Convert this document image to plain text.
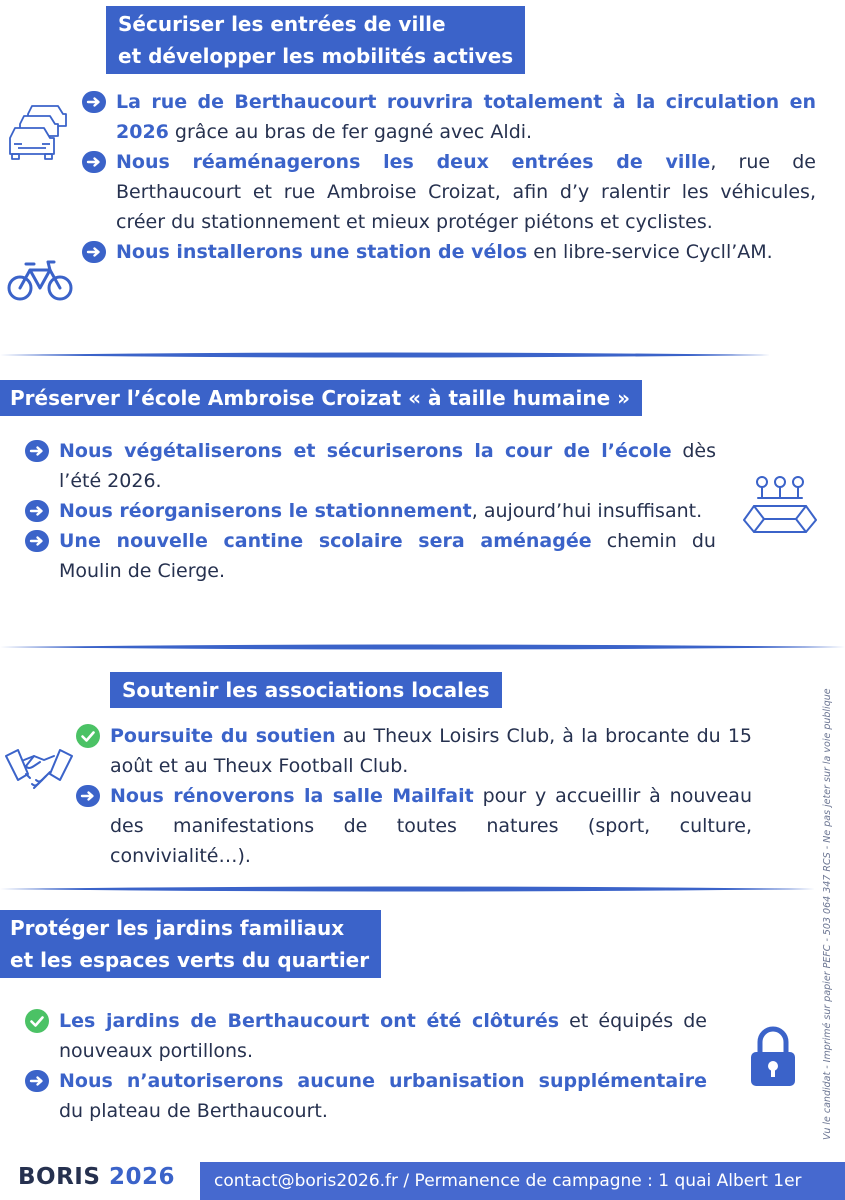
Sécuriser les entrées de ville
et développer les mobilités actives

La rue de Berthaucourt rouvrira totalement à la circulation en 2026 grâce au bras de fer gagné avec Aldi.

Nous réaménagerons les deux entrées de ville, rue de Berthaucourt et rue Ambroise Croizat, afin d’y ralentir les véhicules, créer du stationnement et mieux protéger piétons et cyclistes.

Nous installerons une station de vélos en libre-service Cycll’AM.

Préserver l’école Ambroise Croizat « à taille humaine »

Nous végétaliserons et sécuriserons la cour de l’école dès l’été 2026.

Nous réorganiserons le stationnement, aujourd’hui insuffisant.

Une nouvelle cantine scolaire sera aménagée chemin du Moulin de Cierge.

Soutenir les associations locales

Poursuite du soutien au Theux Loisirs Club, à la brocante du 15 août et au Theux Football Club.

Nous rénoverons la salle Mailfait pour y accueillir à nouveau des manifestations de toutes natures (sport, culture, convivialité…).

Protéger les jardins familiaux
et les espaces verts du quartier

Les jardins de Berthaucourt ont été clôturés et équipés de nouveaux portillons.

Nous n’autoriserons aucune urbanisation supplémentaire du plateau de Berthaucourt.	Vu le candidat - Imprimé sur papier PEFC - 503 064 347 RCS - Ne pas jeter sur la voie publique
BORIS 2026	contact@boris2026.fr / Permanence de campagne : 1 quai Albert 1er
